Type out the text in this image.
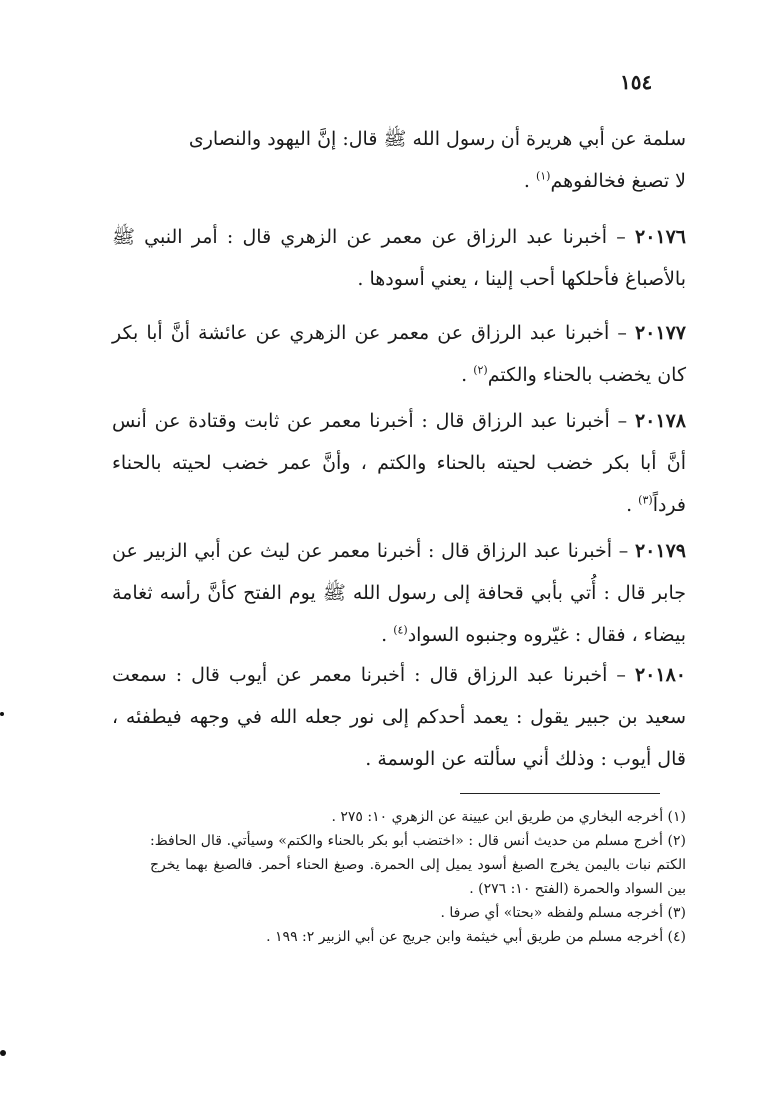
١٥٤

سلمة عن أبي هريرة أن رسول الله ﷺ قال: إنَّ اليهود والنصارى

لا تصبغ فخالفوهم$^{(١)}$ .

٢٠١٧٦ – أخبرنا عبد الرزاق عن معمر عن الزهري قال : أمر النبي ﷺ بالأصباغ فأحلكها أحب إلينا ، يعني أسودها .

٢٠١٧٧ – أخبرنا عبد الرزاق عن معمر عن الزهري عن عائشة أنَّ أبا بكر كان يخضب بالحناء والكتم$^{(٢)}$ .

٢٠١٧٨ – أخبرنا عبد الرزاق قال : أخبرنا معمر عن ثابت وقتادة عن أنس أنَّ أبا بكر خضب لحيته بالحناء والكتم ، وأنَّ عمر خضب لحيته بالحناء فرداً$^{(٣)}$ .

٢٠١٧٩ – أخبرنا عبد الرزاق قال : أخبرنا معمر عن ليث عن أبي الزبير عن جابر قال : أُتي بأبي قحافة إلى رسول الله ﷺ يوم الفتح كأنَّ رأسه ثغامة بيضاء ، فقال : غيّروه وجنبوه السواد$^{(٤)}$ .

٢٠١٨٠ – أخبرنا عبد الرزاق قال : أخبرنا معمر عن أيوب قال : سمعت سعيد بن جبير يقول : يعمد أحدكم إلى نور جعله الله في وجهه فيطفئه ، قال أيوب : وذلك أني سألته عن الوسمة .

(١) أخرجه البخاري من طريق ابن عيينة عن الزهري ١٠: ٢٧٥ .

(٢) أخرج مسلم من حديث أنس قال : «اختضب أبو بكر بالحناء والكتم» وسيأتي. قال الحافظ: الكتم نبات باليمن يخرج الصبغ أسود يميل إلى الحمرة. وصبغ الحناء أحمر. فالصبغ بهما يخرج بين السواد والحمرة (الفتح ١٠: ٢٧٦) .

(٣) أخرجه مسلم ولفظه «بحتا» أي صرفا .

(٤) أخرجه مسلم من طريق أبي خيثمة وابن جريج عن أبي الزبير ٢: ١٩٩ .
